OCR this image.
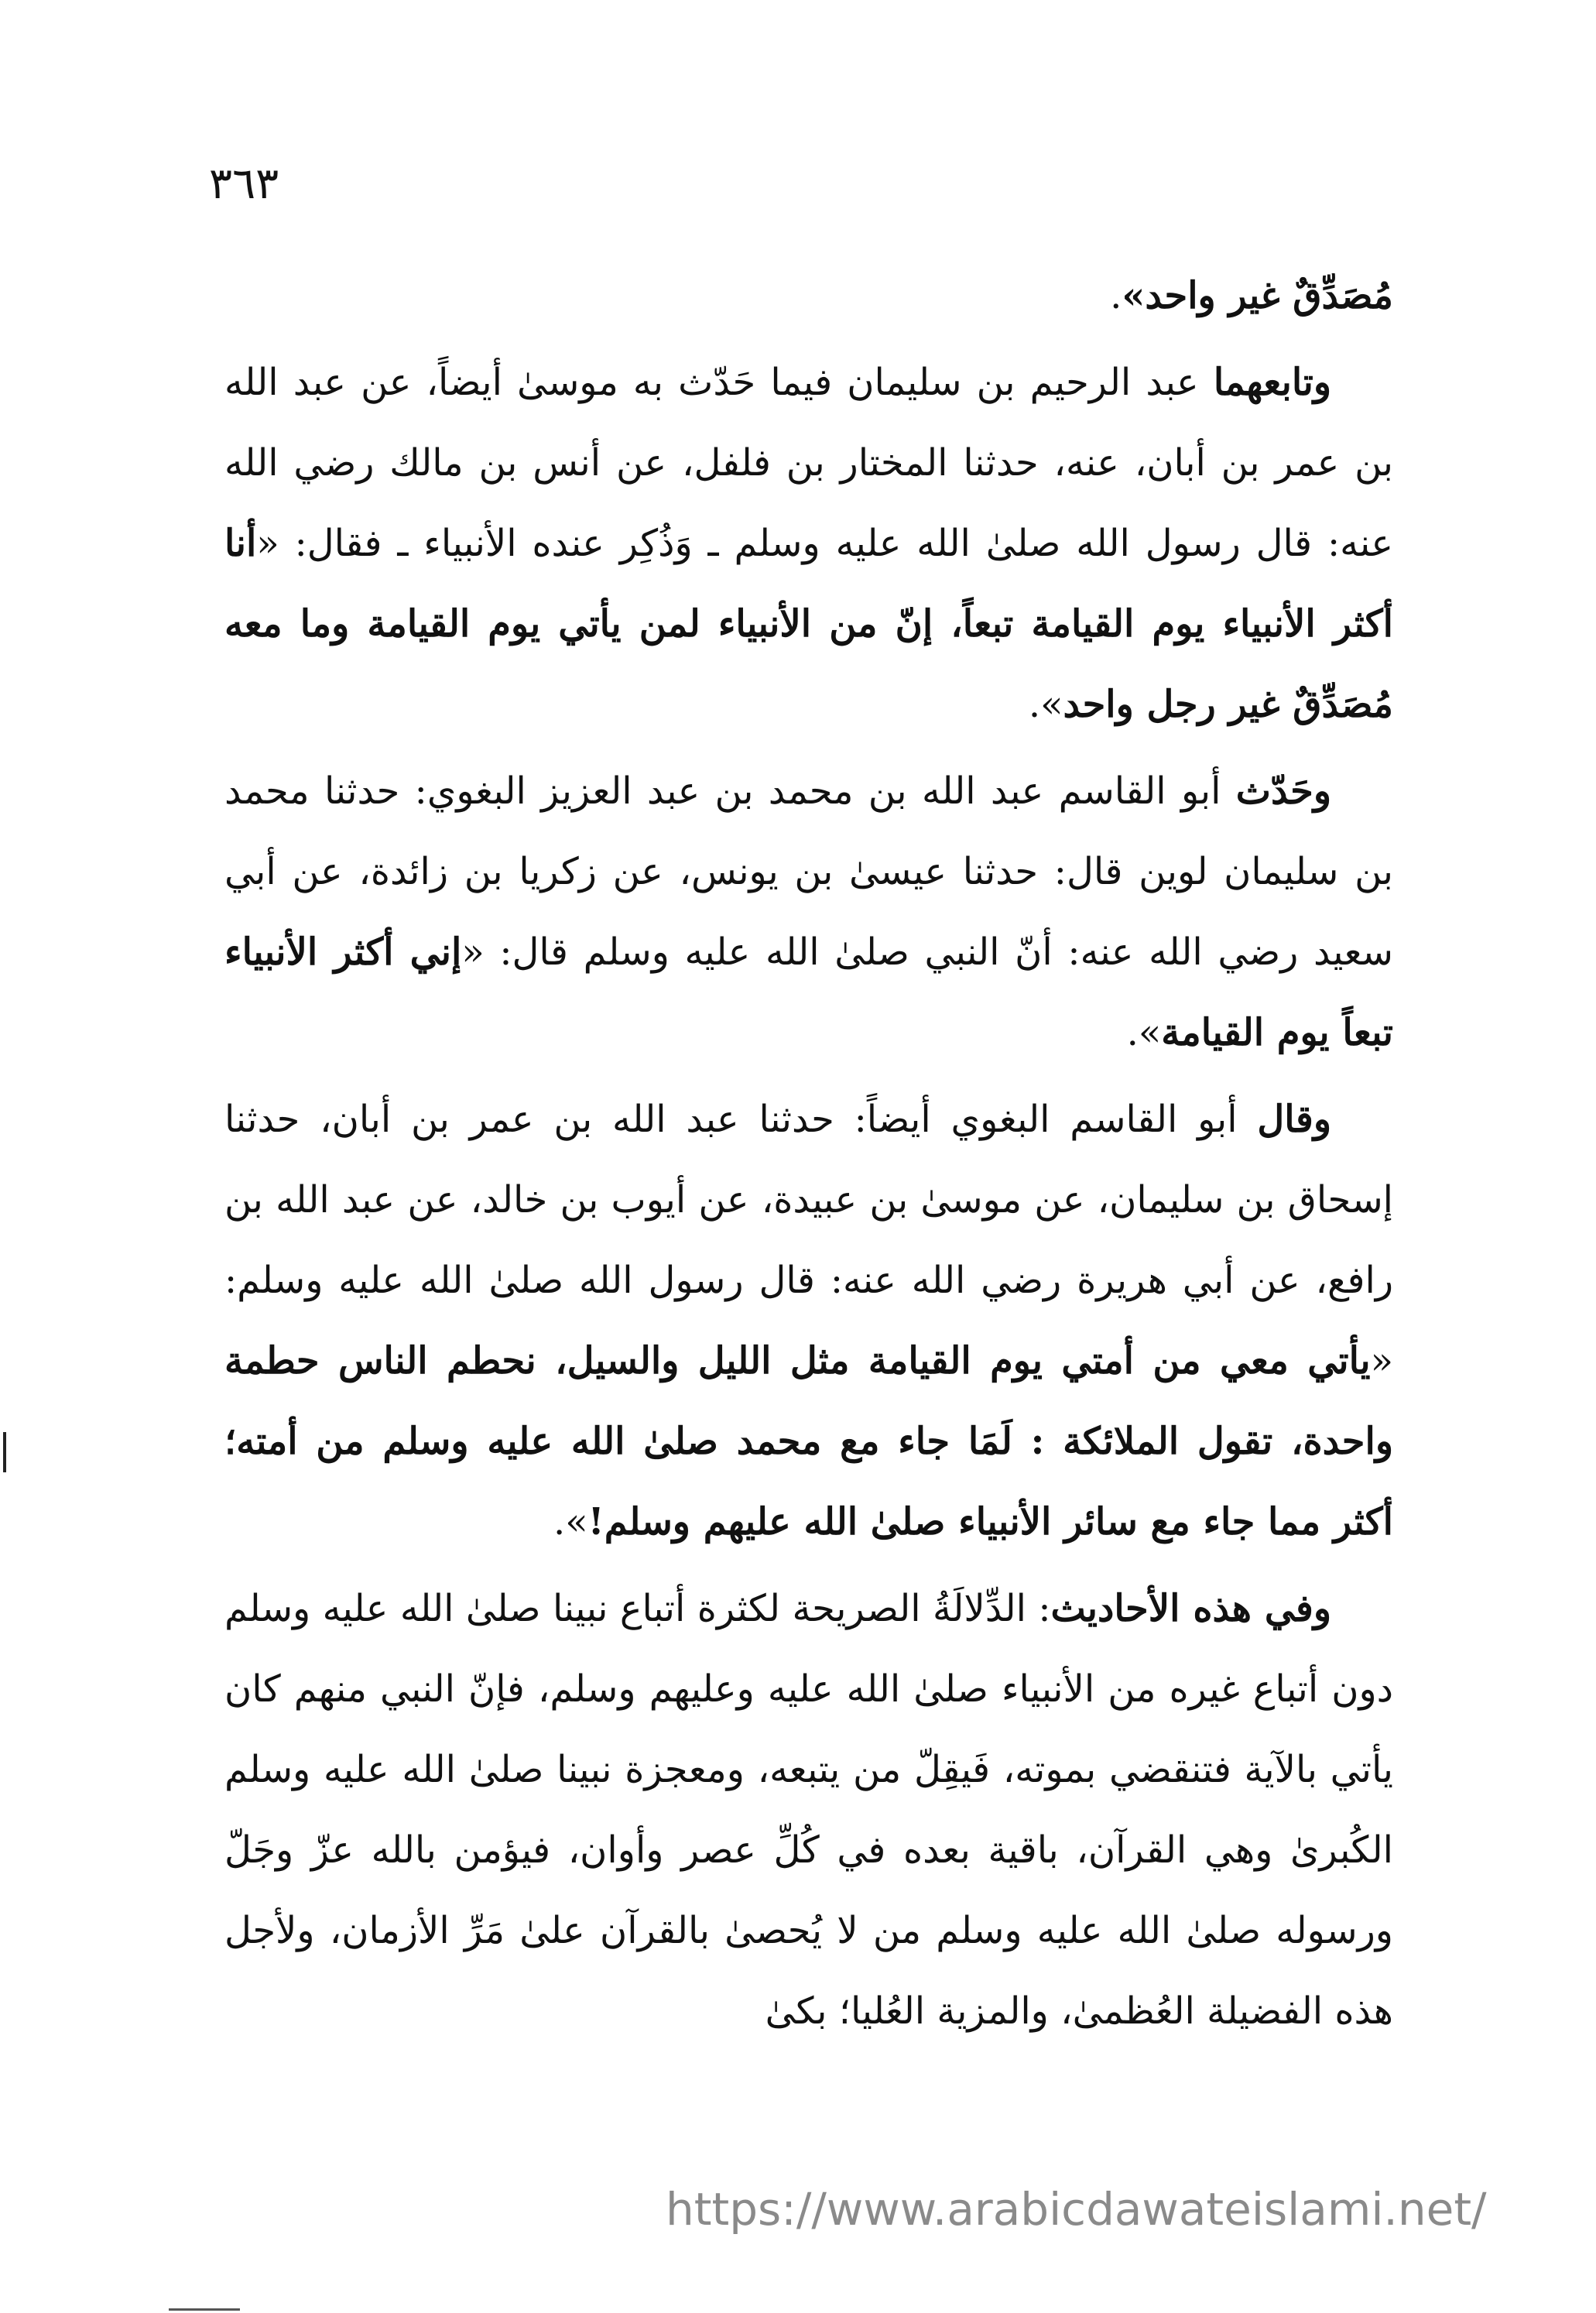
٣٦٣

مُصَدِّقٌ غير واحد».

وتابعهما عبد الرحيم بن سليمان فيما حَدّث به موسىٰ أيضاً، عن عبد الله بن عمر بن أبان، عنه، حدثنا المختار بن فلفل، عن أنس بن مالك رضي الله عنه: قال رسول الله صلىٰ الله عليه وسلم ـ وَذُكِر عنده الأنبياء ـ فقال: «أنا أكثر الأنبياء يوم القيامة تبعاً، إنّ من الأنبياء لمن يأتي يوم القيامة وما معه مُصَدِّقٌ غير رجل واحد».

وحَدّث أبو القاسم عبد الله بن محمد بن عبد العزيز البغوي: حدثنا محمد بن سليمان لوين قال: حدثنا عيسىٰ بن يونس، عن زكريا بن زائدة، عن أبي سعيد رضي الله عنه: أنّ النبي صلىٰ الله عليه وسلم قال: «إني أكثر الأنبياء تبعاً يوم القيامة».

وقال أبو القاسم البغوي أيضاً: حدثنا عبد الله بن عمر بن أبان، حدثنا إسحاق بن سليمان، عن موسىٰ بن عبيدة، عن أيوب بن خالد، عن عبد الله بن رافع، عن أبي هريرة رضي الله عنه: قال رسول الله صلىٰ الله عليه وسلم: «يأتي معي من أمتي يوم القيامة مثل الليل والسيل، نحطم الناس حطمة واحدة، تقول الملائكة : لَمَا جاء مع محمد صلىٰ الله عليه وسلم من أمته؛ أكثر مما جاء مع سائر الأنبياء صلىٰ الله عليهم وسلم!».

وفي هذه الأحاديث: الدِّلالَةُ الصريحة لكثرة أتباع نبينا صلىٰ الله عليه وسلم دون أتباع غيره من الأنبياء صلىٰ الله عليه وعليهم وسلم، فإنّ النبي منهم كان يأتي بالآية فتنقضي بموته، فَيقِلّ من يتبعه، ومعجزة نبينا صلىٰ الله عليه وسلم الكُبرىٰ وهي القرآن، باقية بعده في كُلِّ عصر وأوان، فيؤمن بالله عزّ وجَلّ ورسوله صلىٰ الله عليه وسلم من لا يُحصىٰ بالقرآن علىٰ مَرِّ الأزمان، ولأجل هذه الفضيلة العُظمىٰ، والمزية العُليا؛ بكىٰ

https://www.arabicdawateislami.net/
